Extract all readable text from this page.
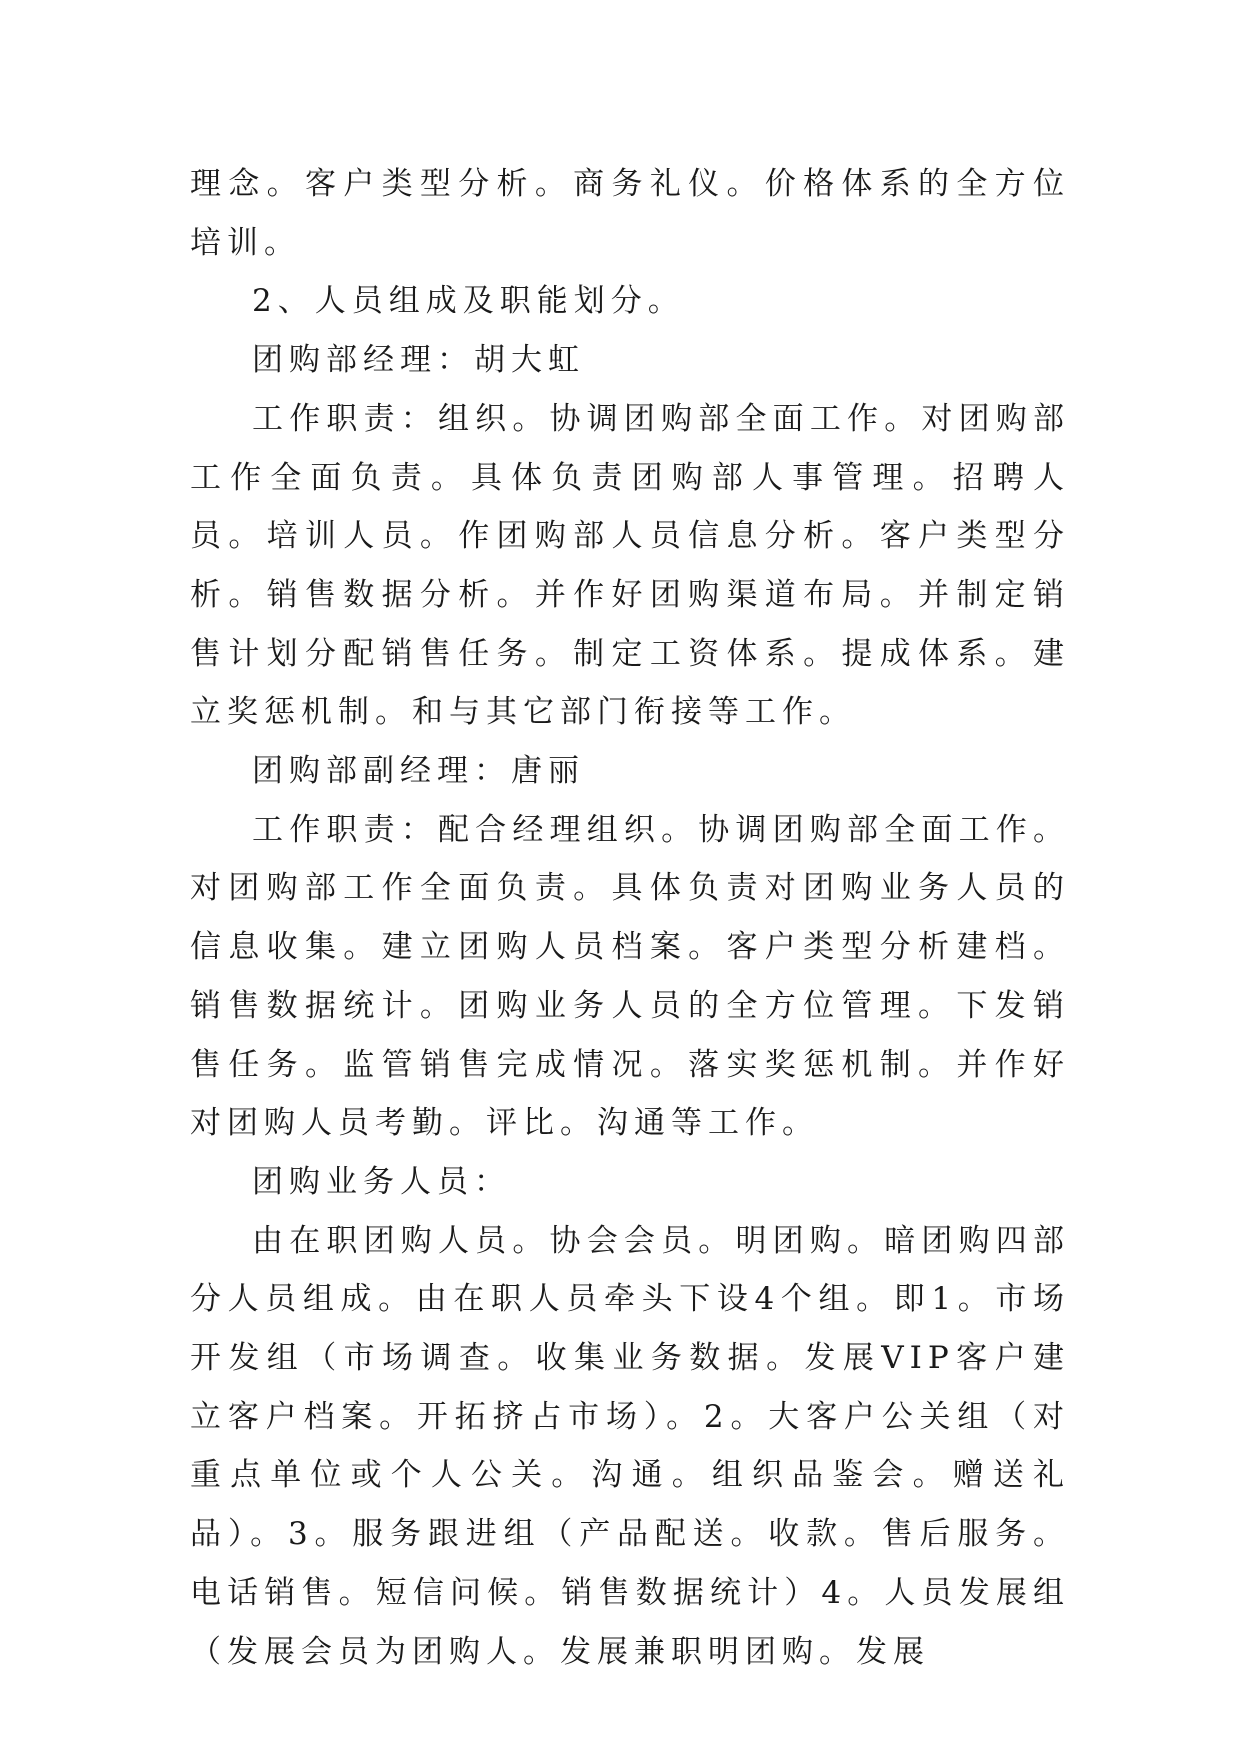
理念。客户类型分析。商务礼仪。价格体系的全方位培训。

2、人员组成及职能划分。

团购部经理：胡大虹

工作职责：组织。协调团购部全面工作。对团购部工作全面负责。具体负责团购部人事管理。招聘人员。培训人员。作团购部人员信息分析。客户类型分析。销售数据分析。并作好团购渠道布局。并制定销售计划分配销售任务。制定工资体系。提成体系。建立奖惩机制。和与其它部门衔接等工作。

团购部副经理：唐丽

工作职责：配合经理组织。协调团购部全面工作。对团购部工作全面负责。具体负责对团购业务人员的信息收集。建立团购人员档案。客户类型分析建档。销售数据统计。团购业务人员的全方位管理。下发销售任务。监管销售完成情况。落实奖惩机制。并作好对团购人员考勤。评比。沟通等工作。

团购业务人员：

由在职团购人员。协会会员。明团购。暗团购四部分人员组成。由在职人员牵头下设4个组。即1。市场开发组（市场调查。收集业务数据。发展VIP客户建立客户档案。开拓挤占市场）。2。大客户公关组（对重点单位或个人公关。沟通。组织品鉴会。赠送礼品）。3。服务跟进组（产品配送。收款。售后服务。电话销售。短信问候。销售数据统计）4。人员发展组（发展会员为团购人。发展兼职明团购。发展
